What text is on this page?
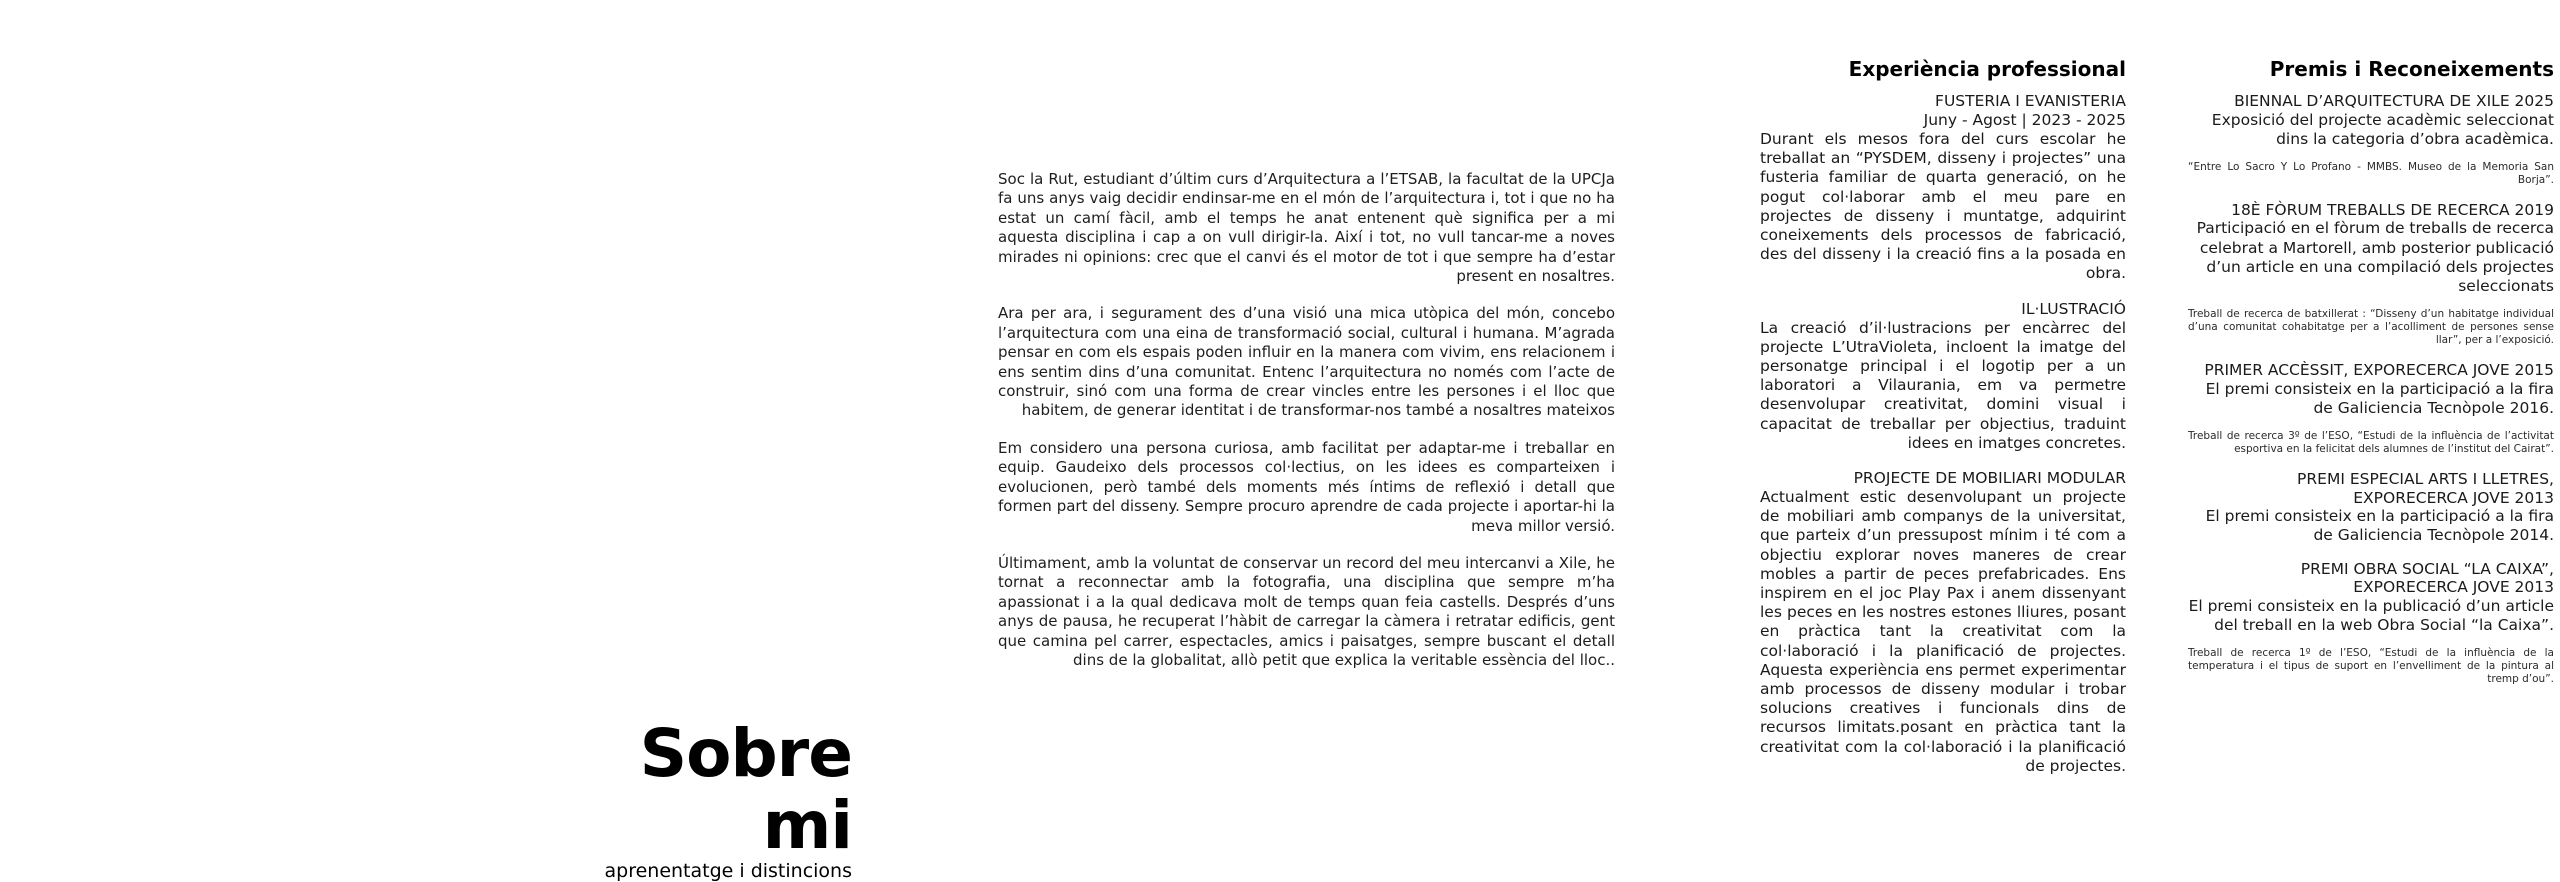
Sobre mi
aprenentatge i distincions

Soc la Rut, estudiant d’últim curs d’Arquitectura a l’ETSAB, la facultat de la UPCJa fa uns anys vaig decidir endinsar-me en el món de l’arquitectura i, tot i que no ha estat un camí fàcil, amb el temps he anat entenent què significa per a mi aquesta disciplina i cap a on vull dirigir-la. Així i tot, no vull tancar-me a noves mirades ni opinions: crec que el canvi és el motor de tot i que sempre ha d’estar present en nosaltres.

Ara per ara, i segurament des d’una visió una mica utòpica del món, concebo l’arquitectura com una eina de transformació social, cultural i humana. M’agrada pensar en com els espais poden influir en la manera com vivim, ens relacionem i ens sentim dins d’una comunitat. Entenc l’arquitectura no només com l’acte de construir, sinó com una forma de crear vincles entre les persones i el lloc que habitem, de generar identitat i de transformar-nos també a nosaltres mateixos

Em considero una persona curiosa, amb facilitat per adaptar-me i treballar en equip. Gaudeixo dels processos col·lectius, on les idees es comparteixen i evolucionen, però també dels moments més íntims de reflexió i detall que formen part del disseny. Sempre procuro aprendre de cada projecte i aportar-hi la meva millor versió.

Últimament, amb la voluntat de conservar un record del meu intercanvi a Xile, he tornat a reconnectar amb la fotografia, una disciplina que sempre m’ha apassionat i a la qual dedicava molt de temps quan feia castells. Després d’uns anys de pausa, he recuperat l’hàbit de carregar la càmera i retratar edificis, gent que camina pel carrer, espectacles, amics i paisatges, sempre buscant el detall dins de la globalitat, allò petit que explica la veritable essència del lloc..

Experiència professional
FUSTERIA I EVANISTERIA
Juny - Agost | 2023 - 2025
Durant els mesos fora del curs escolar he treballat an “PYSDEM, disseny i projectes” una fusteria familiar de quarta generació, on he pogut col·laborar amb el meu pare en projectes de disseny i muntatge, adquirint coneixements dels processos de fabricació, des del disseny i la creació fins a la posada en obra.
IL·LUSTRACIÓ
La creació d’il·lustracions per encàrrec del projecte L’UtraVioleta, incloent la imatge del personatge principal i el logotip per a un laboratori a Vilaurania, em va permetre desenvolupar creativitat, domini visual i capacitat de treballar per objectius, traduint idees en imatges concretes.
PROJECTE DE MOBILIARI MODULAR
Actualment estic desenvolupant un projecte de mobiliari amb companys de la universitat, que parteix d’un pressupost mínim i té com a objectiu explorar noves maneres de crear mobles a partir de peces prefabricades. Ens inspirem en el joc Play Pax i anem dissenyant les peces en les nostres estones lliures, posant en pràctica tant la creativitat com la col·laboració i la planificació de projectes. Aquesta experiència ens permet experimentar amb processos de disseny modular i trobar solucions creatives i funcionals dins de recursos limitats.posant en pràctica tant la creativitat com la col·laboració i la planificació de projectes.
Premis i Reconeixements
BIENNAL D’ARQUITECTURA DE XILE 2025
Exposició del projecte acadèmic seleccionat dins la categoria d’obra acadèmica.
“Entre Lo Sacro Y Lo Profano - MMBS. Museo de la Memoria San Borja”.
18È FÒRUM TREBALLS DE RECERCA 2019
Participació en el fòrum de treballs de recerca celebrat a Martorell, amb posterior publicació d’un article en una compilació dels projectes seleccionats
Treball de recerca de batxillerat : “Disseny d’un habitatge individual d’una comunitat cohabitatge per a l’acolliment de persones sense llar”, per a l’exposició.
PRIMER ACCÈSSIT, EXPORECERCA JOVE 2015
El premi consisteix en la participació a la fira de Galiciencia Tecnòpole 2016.
Treball de recerca 3º de l’ESO, “Estudi de la influència de l’activitat esportiva en la felicitat dels alumnes de l’institut del Cairat”.
PREMI ESPECIAL ARTS I LLETRES, EXPORECERCA JOVE 2013
El premi consisteix en la participació a la fira de Galiciencia Tecnòpole 2014.
PREMI OBRA SOCIAL “LA CAIXA”, EXPORECERCA JOVE 2013
El premi consisteix en la publicació d’un article del treball en la web Obra Social “la Caixa”.
Treball de recerca 1º de l’ESO, “Estudi de la influència de la temperatura i el tipus de suport en l’envelliment de la pintura al tremp d’ou”.
